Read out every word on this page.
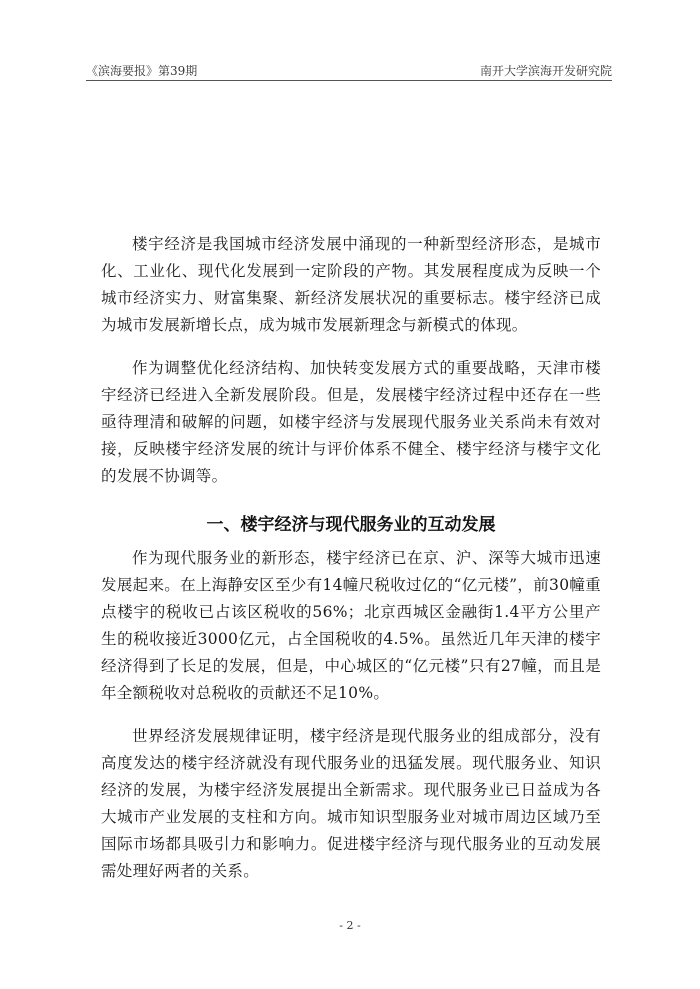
《滨海要报》第39期	南开大学滨海开发研究院

楼宇经济是我国城市经济发展中涌现的一种新型经济形态，是城市化、工业化、现代化发展到一定阶段的产物。其发展程度成为反映一个城市经济实力、财富集聚、新经济发展状况的重要标志。楼宇经济已成为城市发展新增长点，成为城市发展新理念与新模式的体现。

作为调整优化经济结构、加快转变发展方式的重要战略，天津市楼宇经济已经进入全新发展阶段。但是，发展楼宇经济过程中还存在一些亟待理清和破解的问题，如楼宇经济与发展现代服务业关系尚未有效对接，反映楼宇经济发展的统计与评价体系不健全、楼宇经济与楼宇文化的发展不协调等。

一、楼宇经济与现代服务业的互动发展

作为现代服务业的新形态，楼宇经济已在京、沪、深等大城市迅速发展起来。在上海静安区至少有14幢尺税收过亿的“亿元楼”，前30幢重点楼宇的税收已占该区税收的56%；北京西城区金融街1.4平方公里产生的税收接近3000亿元，占全国税收的4.5%。虽然近几年天津的楼宇经济得到了长足的发展，但是，中心城区的“亿元楼”只有27幢，而且是年全额税收对总税收的贡献还不足10%。

世界经济发展规律证明，楼宇经济是现代服务业的组成部分，没有高度发达的楼宇经济就没有现代服务业的迅猛发展。现代服务业、知识经济的发展，为楼宇经济发展提出全新需求。现代服务业已日益成为各大城市产业发展的支柱和方向。城市知识型服务业对城市周边区域乃至国际市场都具吸引力和影响力。促进楼宇经济与现代服务业的互动发展需处理好两者的关系。

- 2 -
